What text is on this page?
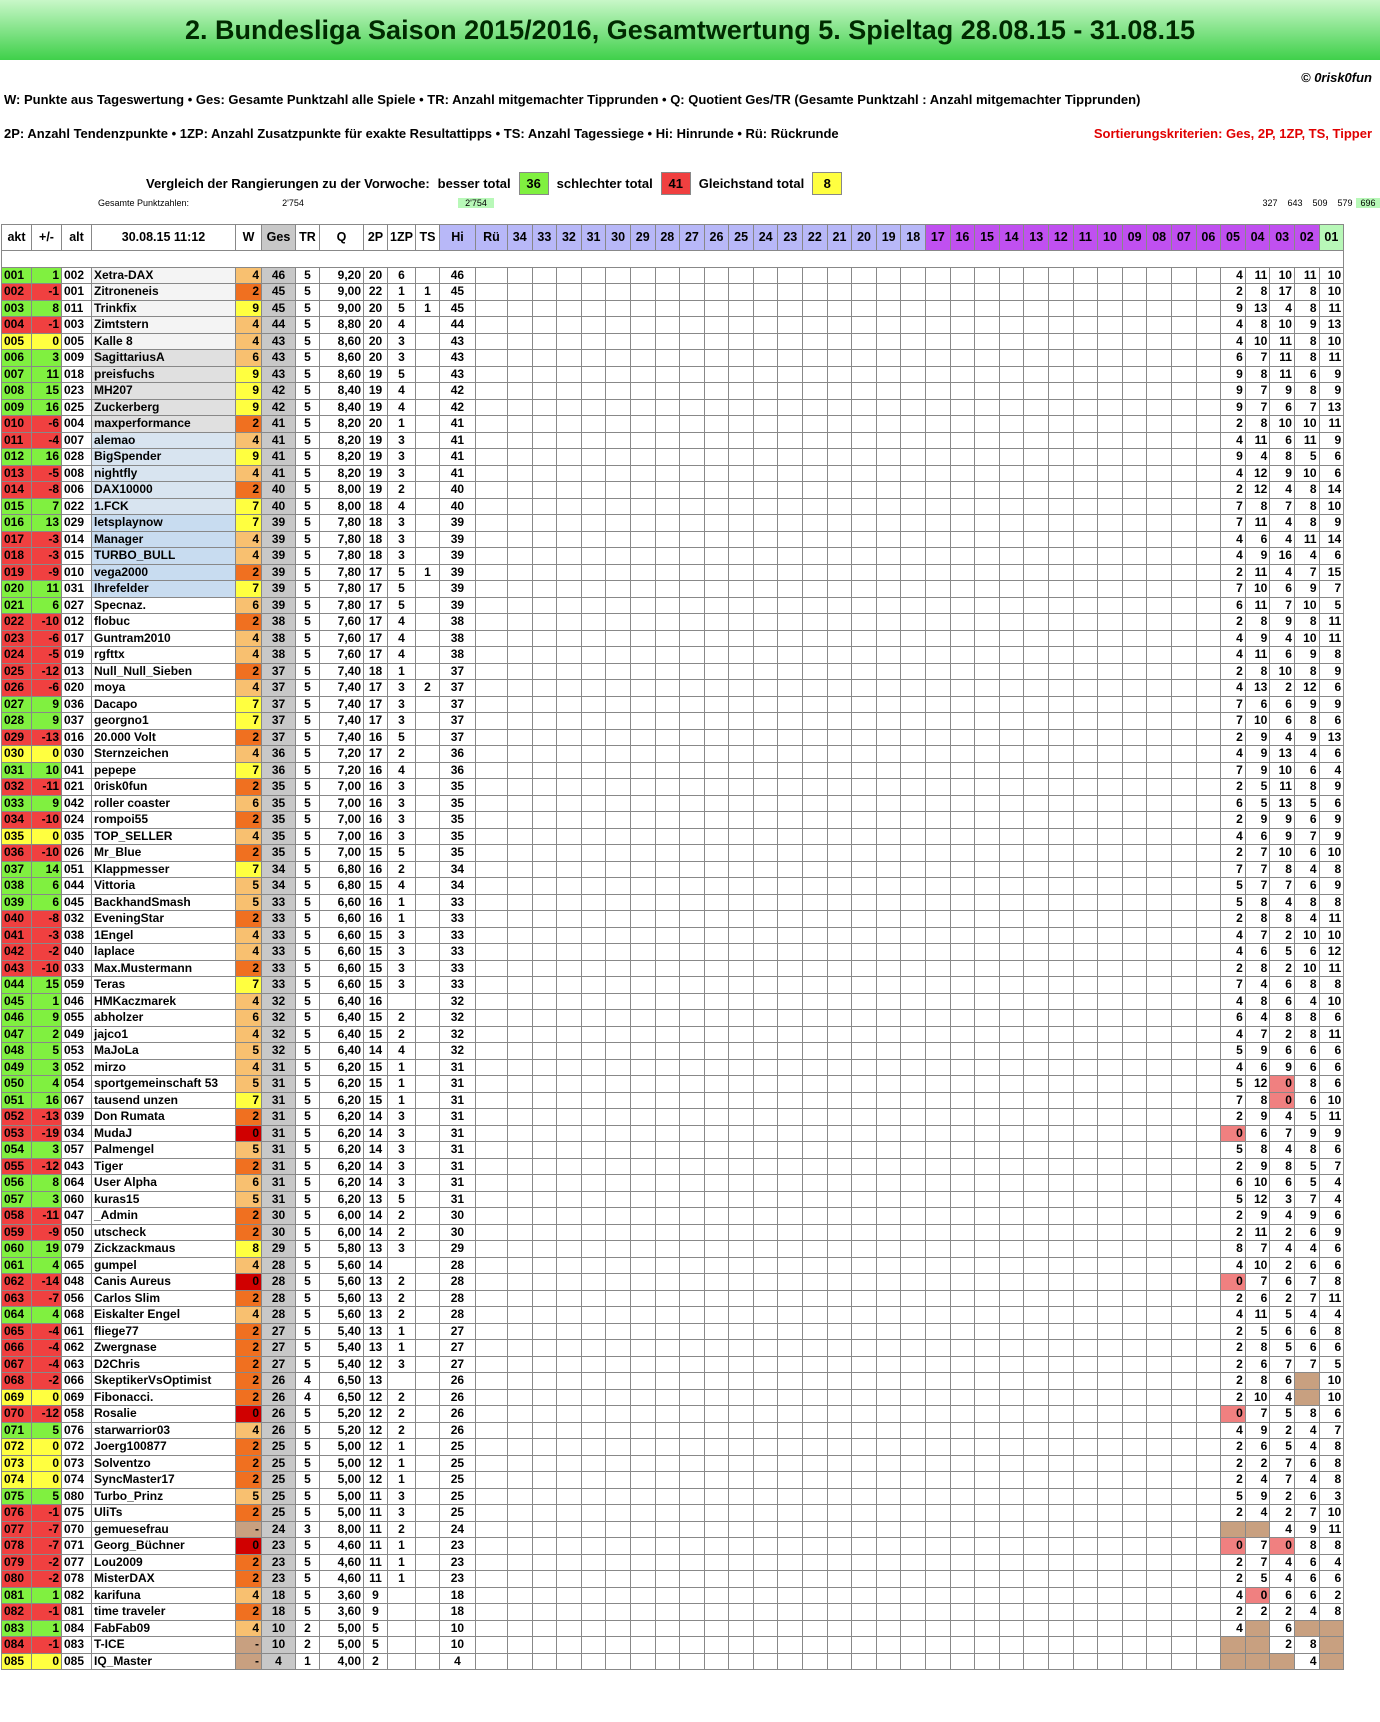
2. Bundesliga Saison 2015/2016, Gesamtwertung 5. Spieltag 28.08.15 - 31.08.15
© 0risk0fun
W: Punkte aus Tageswertung • Ges: Gesamte Punktzahl alle Spiele • TR: Anzahl mitgemachter Tipprunden • Q: Quotient Ges/TR (Gesamte Punktzahl : Anzahl mitgemachter Tipprunden)
2P: Anzahl Tendenzpunkte • 1ZP: Anzahl Zusatzpunkte für exakte Resultattipps • TS: Anzahl Tagessiege • Hi: Hinrunde • Rü: Rückrunde	Sortierungskriterien: Ges, 2P, 1ZP, TS, Tipper
Vergleich der Rangierungen zu der Vorwoche: besser total	36	schlechter total	41	Gleichstand total	8
Gesamte Punktzahlen:	2'754	2'754	327	643	509	579 696
akt	+/-	alt	30.08.15 11:12	W	Ges	TR	Q	2P	1ZP	TS	Hi	Rü	34	33	32	31	30	29	28	27	26	25	24	23	22	21	20	19	18	17	16	15	14	13	12	11	10	09	08	07	06	05	04	03	02	01

001	1	002	Xetra-DAX	4	46	5	9,20	20	6		46																															4	11	10	11	10
002	-1	001	Zitroneneis	2	45	5	9,00	22	1	1	45																															2	8	17	8	10
003	8	011	Trinkfix	9	45	5	9,00	20	5	1	45																															9	13	4	8	11
004	-1	003	Zimtstern	4	44	5	8,80	20	4		44																															4	8	10	9	13
005	0	005	Kalle 8	4	43	5	8,60	20	3		43																															4	10	11	8	10
006	3	009	SagittariusA	6	43	5	8,60	20	3		43																															6	7	11	8	11
007	11	018	preisfuchs	9	43	5	8,60	19	5		43																															9	8	11	6	9
008	15	023	MH207	9	42	5	8,40	19	4		42																															9	7	9	8	9
009	16	025	Zuckerberg	9	42	5	8,40	19	4		42																															9	7	6	7	13
010	-6	004	maxperformance	2	41	5	8,20	20	1		41																															2	8	10	10	11
011	-4	007	alemao	4	41	5	8,20	19	3		41																															4	11	6	11	9
012	16	028	BigSpender	9	41	5	8,20	19	3		41																															9	4	8	5	6
013	-5	008	nightfly	4	41	5	8,20	19	3		41																															4	12	9	10	6
014	-8	006	DAX10000	2	40	5	8,00	19	2		40																															2	12	4	8	14
015	7	022	1.FCK	7	40	5	8,00	18	4		40																															7	8	7	8	10
016	13	029	letsplaynow	7	39	5	7,80	18	3		39																															7	11	4	8	9
017	-3	014	Manager	4	39	5	7,80	18	3		39																															4	6	4	11	14
018	-3	015	TURBO_BULL	4	39	5	7,80	18	3		39																															4	9	16	4	6
019	-9	010	vega2000	2	39	5	7,80	17	5	1	39																															2	11	4	7	15
020	11	031	Ihrefelder	7	39	5	7,80	17	5		39																															7	10	6	9	7
021	6	027	Specnaz.	6	39	5	7,80	17	5		39																															6	11	7	10	5
022	-10	012	flobuc	2	38	5	7,60	17	4		38																															2	8	9	8	11
023	-6	017	Guntram2010	4	38	5	7,60	17	4		38																															4	9	4	10	11
024	-5	019	rgfttx	4	38	5	7,60	17	4		38																															4	11	6	9	8
025	-12	013	Null_Null_Sieben	2	37	5	7,40	18	1		37																															2	8	10	8	9
026	-6	020	moya	4	37	5	7,40	17	3	2	37																															4	13	2	12	6
027	9	036	Dacapo	7	37	5	7,40	17	3		37																															7	6	6	9	9
028	9	037	georgno1	7	37	5	7,40	17	3		37																															7	10	6	8	6
029	-13	016	20.000 Volt	2	37	5	7,40	16	5		37																															2	9	4	9	13
030	0	030	Sternzeichen	4	36	5	7,20	17	2		36																															4	9	13	4	6
031	10	041	pepepe	7	36	5	7,20	16	4		36																															7	9	10	6	4
032	-11	021	0risk0fun	2	35	5	7,00	16	3		35																															2	5	11	8	9
033	9	042	roller coaster	6	35	5	7,00	16	3		35																															6	5	13	5	6
034	-10	024	rompoi55	2	35	5	7,00	16	3		35																															2	9	9	6	9
035	0	035	TOP_SELLER	4	35	5	7,00	16	3		35																															4	6	9	7	9
036	-10	026	Mr_Blue	2	35	5	7,00	15	5		35																															2	7	10	6	10
037	14	051	Klappmesser	7	34	5	6,80	16	2		34																															7	7	8	4	8
038	6	044	Vittoria	5	34	5	6,80	15	4		34																															5	7	7	6	9
039	6	045	BackhandSmash	5	33	5	6,60	16	1		33																															5	8	4	8	8
040	-8	032	EveningStar	2	33	5	6,60	16	1		33																															2	8	8	4	11
041	-3	038	1Engel	4	33	5	6,60	15	3		33																															4	7	2	10	10
042	-2	040	laplace	4	33	5	6,60	15	3		33																															4	6	5	6	12
043	-10	033	Max.Mustermann	2	33	5	6,60	15	3		33																															2	8	2	10	11
044	15	059	Teras	7	33	5	6,60	15	3		33																															7	4	6	8	8
045	1	046	HMKaczmarek	4	32	5	6,40	16			32																															4	8	6	4	10
046	9	055	abholzer	6	32	5	6,40	15	2		32																															6	4	8	8	6
047	2	049	jajco1	4	32	5	6,40	15	2		32																															4	7	2	8	11
048	5	053	MaJoLa	5	32	5	6,40	14	4		32																															5	9	6	6	6
049	3	052	mirzo	4	31	5	6,20	15	1		31																															4	6	9	6	6
050	4	054	sportgemeinschaft 53	5	31	5	6,20	15	1		31																															5	12	0	8	6
051	16	067	tausend unzen	7	31	5	6,20	15	1		31																															7	8	0	6	10
052	-13	039	Don Rumata	2	31	5	6,20	14	3		31																															2	9	4	5	11
053	-19	034	MudaJ	0	31	5	6,20	14	3		31																															0	6	7	9	9
054	3	057	Palmengel	5	31	5	6,20	14	3		31																															5	8	4	8	6
055	-12	043	Tiger	2	31	5	6,20	14	3		31																															2	9	8	5	7
056	8	064	User Alpha	6	31	5	6,20	14	3		31																															6	10	6	5	4
057	3	060	kuras15	5	31	5	6,20	13	5		31																															5	12	3	7	4
058	-11	047	_Admin	2	30	5	6,00	14	2		30																															2	9	4	9	6
059	-9	050	utscheck	2	30	5	6,00	14	2		30																															2	11	2	6	9
060	19	079	Zickzackmaus	8	29	5	5,80	13	3		29																															8	7	4	4	6
061	4	065	gumpel	4	28	5	5,60	14			28																															4	10	2	6	6
062	-14	048	Canis Aureus	0	28	5	5,60	13	2		28																															0	7	6	7	8
063	-7	056	Carlos Slim	2	28	5	5,60	13	2		28																															2	6	2	7	11
064	4	068	Eiskalter Engel	4	28	5	5,60	13	2		28																															4	11	5	4	4
065	-4	061	fliege77	2	27	5	5,40	13	1		27																															2	5	6	6	8
066	-4	062	Zwergnase	2	27	5	5,40	13	1		27																															2	8	5	6	6
067	-4	063	D2Chris	2	27	5	5,40	12	3		27																															2	6	7	7	5
068	-2	066	SkeptikerVsOptimist	2	26	4	6,50	13			26																															2	8	6		10
069	0	069	Fibonacci.	2	26	4	6,50	12	2		26																															2	10	4		10
070	-12	058	Rosalie	0	26	5	5,20	12	2		26																															0	7	5	8	6
071	5	076	starwarrior03	4	26	5	5,20	12	2		26																															4	9	2	4	7
072	0	072	Joerg100877	2	25	5	5,00	12	1		25																															2	6	5	4	8
073	0	073	Solventzo	2	25	5	5,00	12	1		25																															2	2	7	6	8
074	0	074	SyncMaster17	2	25	5	5,00	12	1		25																															2	4	7	4	8
075	5	080	Turbo_Prinz	5	25	5	5,00	11	3		25																															5	9	2	6	3
076	-1	075	UliTs	2	25	5	5,00	11	3		25																															2	4	2	7	10
077	-7	070	gemuesefrau	-	24	3	8,00	11	2		24																																	4	9	11
078	-7	071	Georg_Büchner	0	23	5	4,60	11	1		23																															0	7	0	8	8
079	-2	077	Lou2009	2	23	5	4,60	11	1		23																															2	7	4	6	4
080	-2	078	MisterDAX	2	23	5	4,60	11	1		23																															2	5	4	6	6
081	1	082	karifuna	4	18	5	3,60	9			18																															4	0	6	6	2
082	-1	081	time traveler	2	18	5	3,60	9			18																															2	2	2	4	8
083	1	084	FabFab09	4	10	2	5,00	5			10																															4		6		
084	-1	083	T-ICE	-	10	2	5,00	5			10																																	2	8	
085	0	085	IQ_Master	-	4	1	4,00	2			4																																		4	
